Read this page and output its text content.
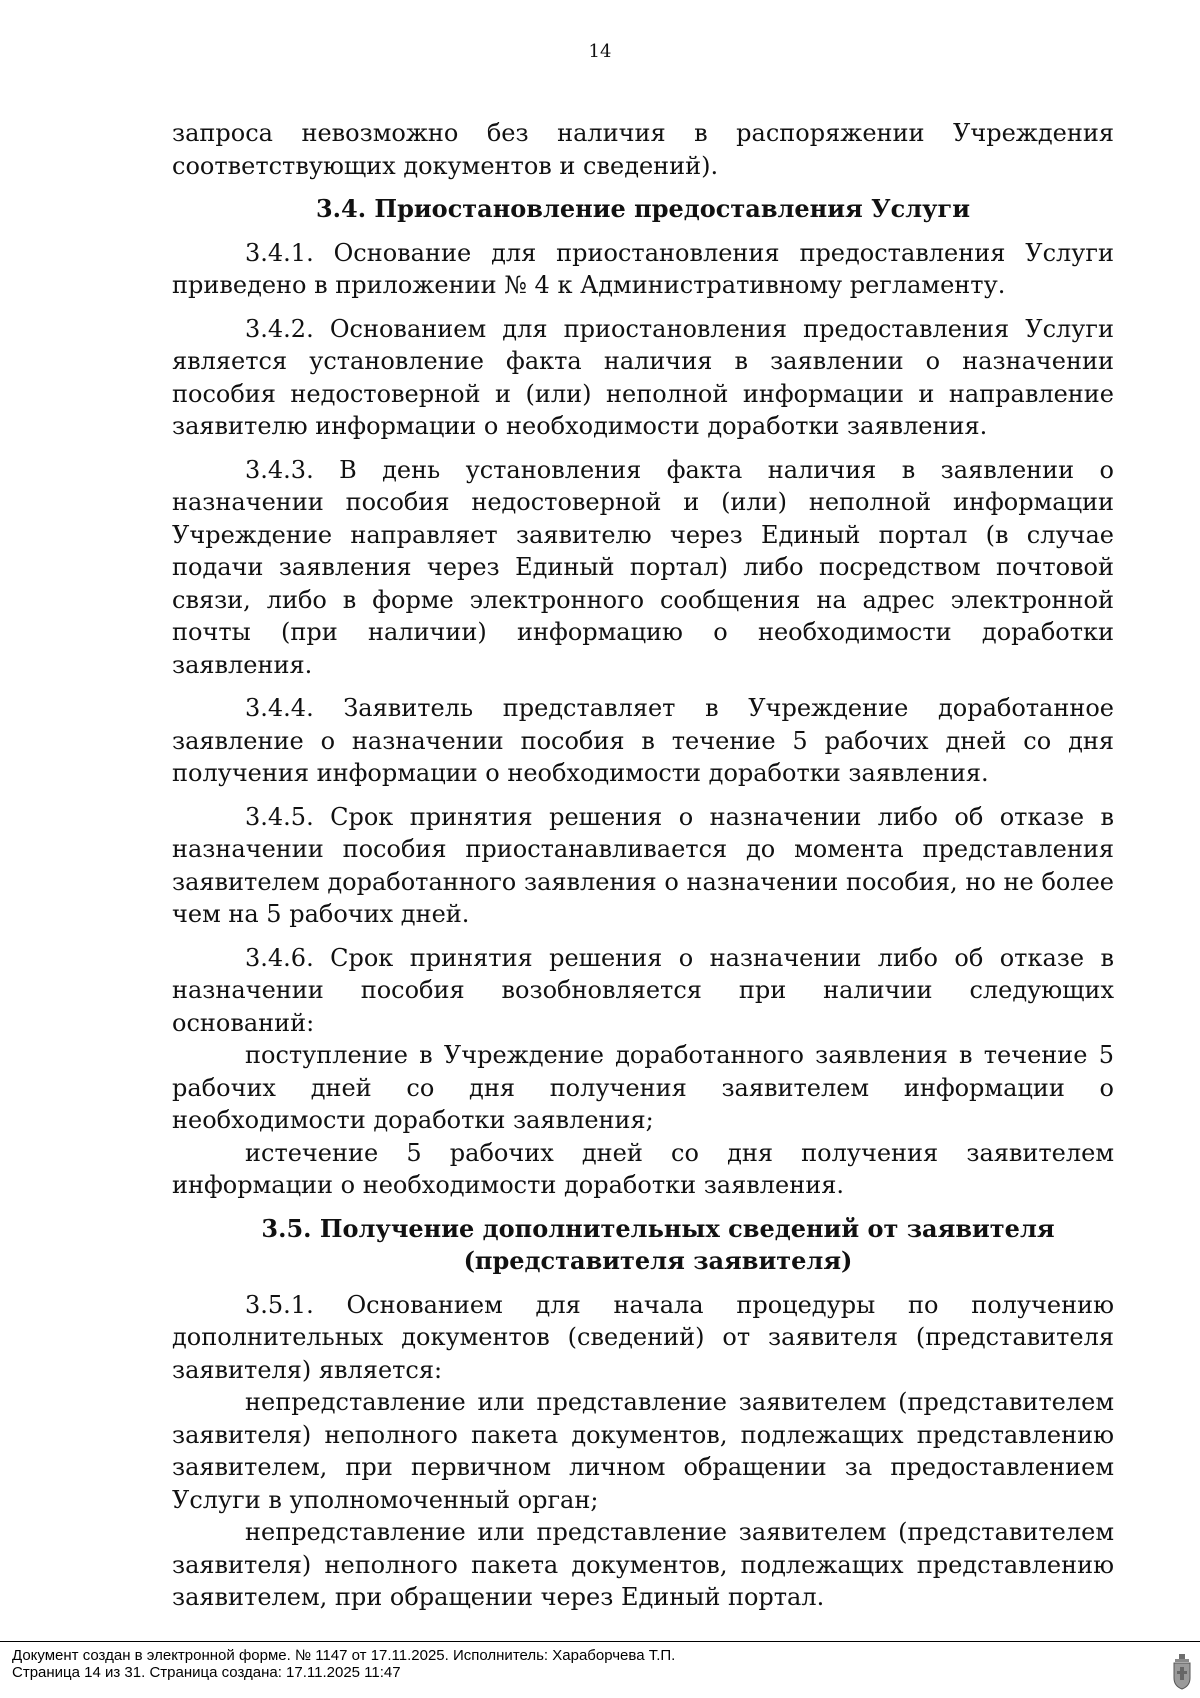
14

запроса невозможно без наличия в распоряжении Учреждения соответствующих документов и сведений).

3.4. Приостановление предоставления Услуги

3.4.1. Основание для приостановления предоставления Услуги приведено в приложении № 4 к Административному регламенту.

3.4.2. Основанием для приостановления предоставления Услуги является установление факта наличия в заявлении о назначении пособия недостоверной и (или) неполной информации и направление заявителю информации о необходимости доработки заявления.

3.4.3. В день установления факта наличия в заявлении о назначении пособия недостоверной и (или) неполной информации Учреждение направляет заявителю через Единый портал (в случае подачи заявления через Единый портал) либо посредством почтовой связи, либо в форме электронного сообщения на адрес электронной почты (при наличии) информацию о необходимости доработки заявления.

3.4.4. Заявитель представляет в Учреждение доработанное заявление о назначении пособия в течение 5 рабочих дней со дня получения информации о необходимости доработки заявления.

3.4.5. Срок принятия решения о назначении либо об отказе в назначении пособия приостанавливается до момента представления заявителем доработанного заявления о назначении пособия, но не более чем на 5 рабочих дней.

3.4.6. Срок принятия решения о назначении либо об отказе в назначении пособия возобновляется при наличии следующих оснований:

поступление в Учреждение доработанного заявления в течение 5 рабочих дней со дня получения заявителем информации о необходимости доработки заявления;

истечение 5 рабочих дней со дня получения заявителем информации о необходимости доработки заявления.

3.5. Получение дополнительных сведений от заявителя
(представителя заявителя)

3.5.1. Основанием для начала процедуры по получению дополнительных документов (сведений) от заявителя (представителя заявителя) является:

непредставление или представление заявителем (представителем заявителя) неполного пакета документов, подлежащих представлению заявителем, при первичном личном обращении за предоставлением Услуги в уполномоченный орган;

непредставление или представление заявителем (представителем заявителя) неполного пакета документов, подлежащих представлению заявителем, при обращении через Единый портал.

Документ создан в электронной форме. № 1147 от 17.11.2025. Исполнитель: Хараборчева Т.П.
Страница 14 из 31. Страница создана: 17.11.2025 11:47
